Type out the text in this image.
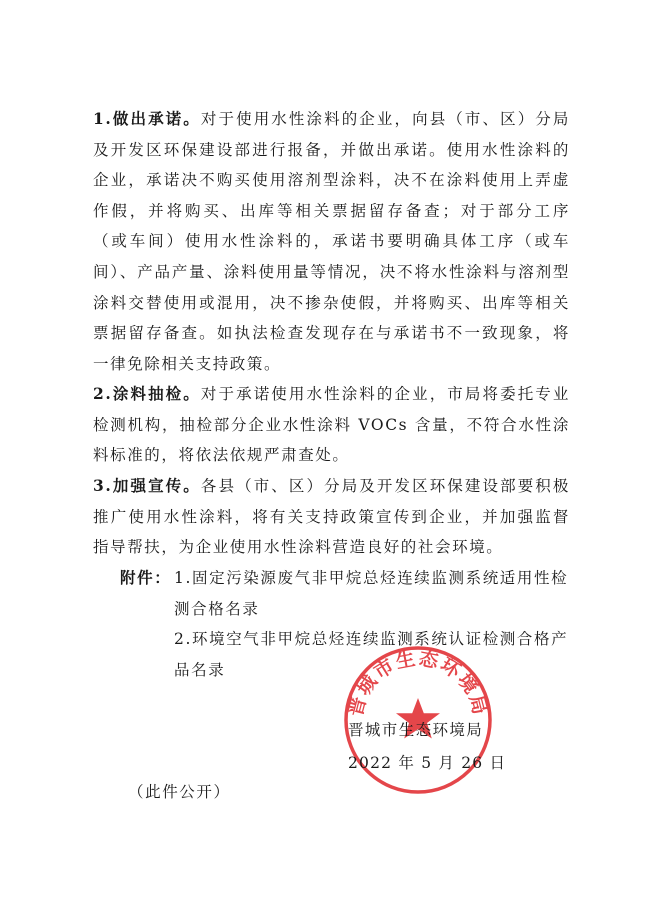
1.做出承诺。对于使用水性涂料的企业，向县（市、区）分局及开发区环保建设部进行报备，并做出承诺。使用水性涂料的企业，承诺决不购买使用溶剂型涂料，决不在涂料使用上弄虚作假，并将购买、出库等相关票据留存备查；对于部分工序（或车间）使用水性涂料的，承诺书要明确具体工序（或车间）、产品产量、涂料使用量等情况，决不将水性涂料与溶剂型涂料交替使用或混用，决不掺杂使假，并将购买、出库等相关票据留存备查。如执法检查发现存在与承诺书不一致现象，将一律免除相关支持政策。

2.涂料抽检。对于承诺使用水性涂料的企业，市局将委托专业检测机构，抽检部分企业水性涂料 VOCs 含量，不符合水性涂料标准的，将依法依规严肃查处。

3.加强宣传。各县（市、区）分局及开发区环保建设部要积极推广使用水性涂料，将有关支持政策宣传到企业，并加强监督指导帮扶，为企业使用水性涂料营造良好的社会环境。

附件： 1.固定污染源废气非甲烷总烃连续监测系统适用性检测合格名录
2.环境空气非甲烷总烃连续监测系统认证检测合格产品名录
晋城市生态环境局
晋城市生态环境局
2022 年 5 月 26 日
（此件公开）
